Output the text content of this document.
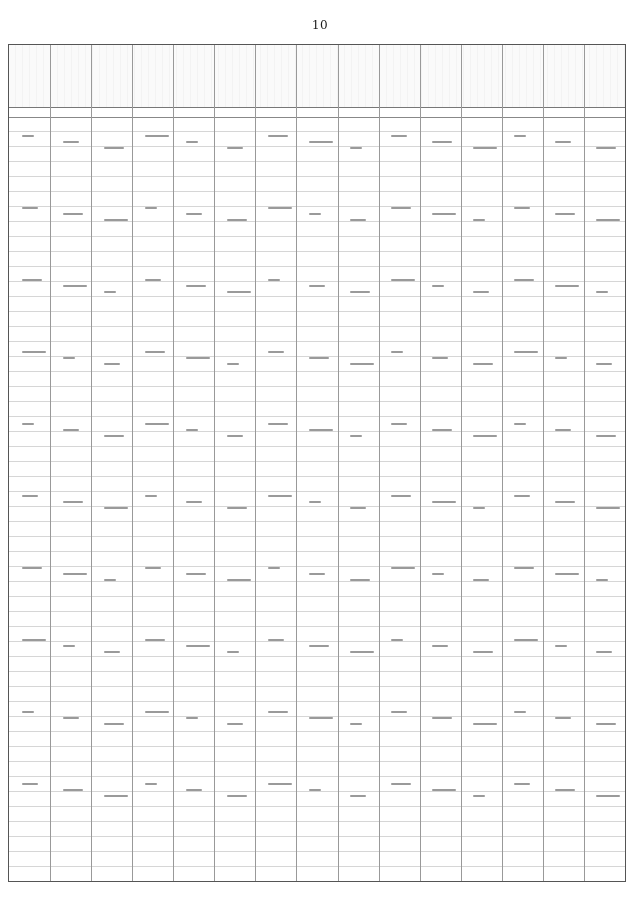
10
